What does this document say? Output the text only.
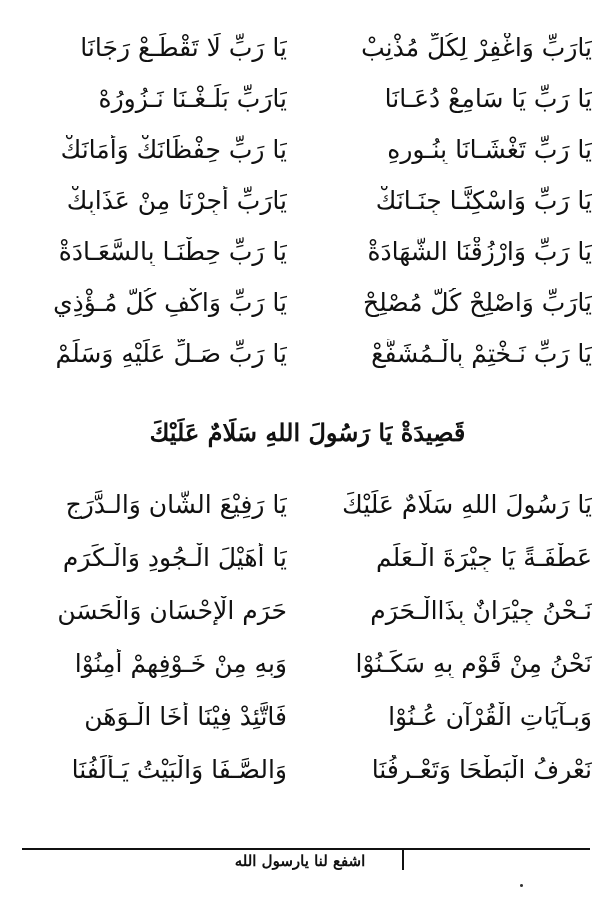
يَارَبِّ وَاغْفِرْ لِكُلِّ مُذْنِبْ
يَا رَبِّ لَا تَقْطَـعْ رَجَانَا
يَا رَبِّ يَا سَامِعْ دُعَـانَا
يَارَبِّ بَلِّـغْـنَا نَـزُورُهْ
يَا رَبِّ تَغْشَـانَا بِنُـورِهِ
يَا رَبِّ حِفْظَانَكْ وَأَمَانَكْ
يَا رَبِّ وَاسْكِنَّـا جِنَـانَكْ
يَارَبِّ أَجِرْنَا مِنْ عَذَابِكْ
يَا رَبِّ وَارْزُقْنَا الشَّهَادَةْ
يَا رَبِّ حِطْنَـا بِالسَّعَـادَةْ
يَارَبِّ وَاصْلِحْ كُلَّ مُصْلِحْ
يَا رَبِّ وَاكْفِ كُلَّ مُـؤْذِي
يَا رَبِّ نَـخْتِمْ بِالْـمُشَفَّعْ
يَا رَبِّ صَـلِّ عَلَيْهِ وَسَلِّمْ
قَصِيدَةْ يَا رَسُولَ اللهِ سَلَامٌ عَلَيْكَ
يَا رَسُولَ اللهِ سَلَامٌ عَلَيْكَ
يَا رَفِيْعَ الشَّانِ وَالـدَّرَجِ
عَطْفَـةً يَا جِيْرَةَ الْـعَلَمِ
يَا أُهَيْلَ الْـجُودِ وَالْـكَرَمِ
نَـحْنُ جِيْرَانٌ بِذَاالْـحَرَمِ
حَرَمِ الْإِحْسَانِ وَالْحَسَنِ
نَحْنُ مِنْ قَوْمٍ بِهِ سَكَـنُوْا
وَبِهِ مِنْ خَـوْفِهِمْ أَمِنُوْا
وَبِـآيَاتِ الْقُرْآنِ عُـنُوْا
فَاتَّئِدْ فِيْنَا أَخَا الْـوَهَنِ
نَعْرِفُ الْبَطْحَا وَتَعْـرِفُنَا
وَالصَّـفَا وَالْبَيْتُ يَـأْلَفُنَا
اشفع لنا يارسول الله
